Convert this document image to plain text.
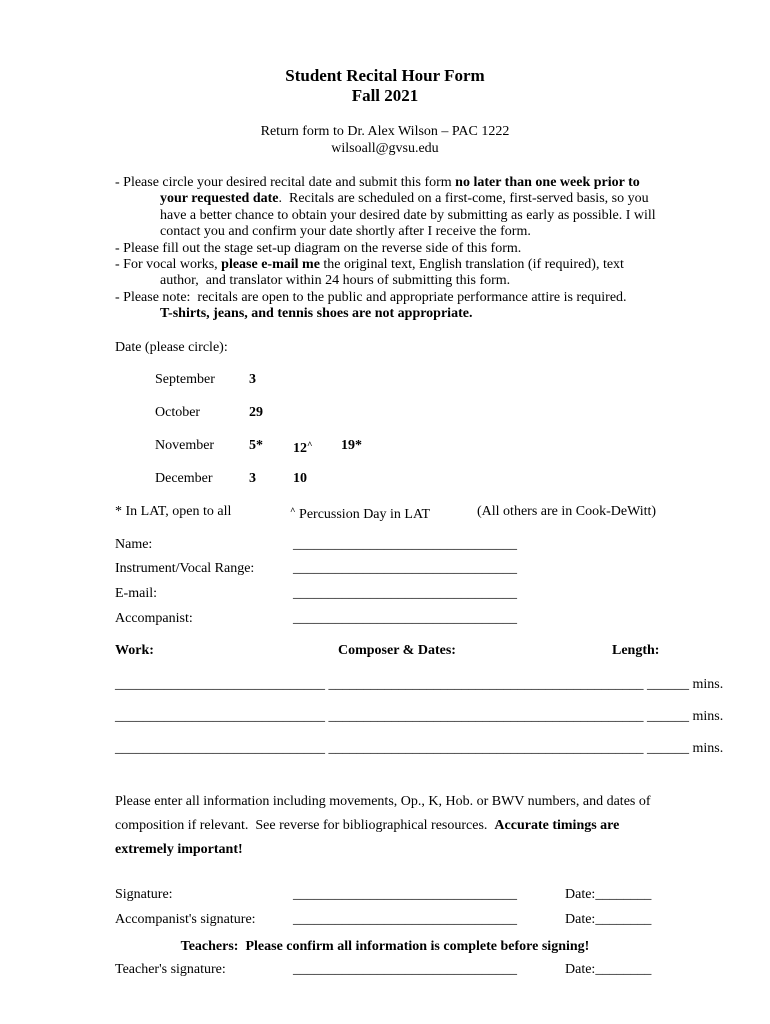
Student Recital Hour Form
Fall 2021
Return form to Dr. Alex Wilson – PAC 1222
wilsoall@gvsu.edu
- Please circle your desired recital date and submit this form no later than one week prior to
your requested date.  Recitals are scheduled on a first-come, first-served basis, so you
have a better chance to obtain your desired date by submitting as early as possible. I will
contact you and confirm your date shortly after I receive the form.
- Please fill out the stage set-up diagram on the reverse side of this form.
- For vocal works, please e-mail me the original text, English translation (if required), text
author,  and translator within 24 hours of submitting this form.
- Please note:  recitals are open to the public and appropriate performance attire is required.
T-shirts, jeans, and tennis shoes are not appropriate.
Date (please circle):
September 3
October	29
November 5* 12^ 19*
December	3	10
* In LAT, open to all	^ Percussion Day in LAT	(All others are in Cook-DeWitt)
Name:	________________________________
Instrument/Vocal Range:	________________________________
E-mail:	________________________________
Accompanist:	________________________________
Work:	Composer & Dates:	Length:
______________________________ _____________________________________________ ______ mins.
______________________________ _____________________________________________ ______ mins.
______________________________ _____________________________________________ ______ mins.
Please enter all information including movements, Op., K, Hob. or BWV numbers, and dates of
composition if relevant.  See reverse for bibliographical resources.  Accurate timings are
extremely important!
Signature:	________________________________	Date:________
Accompanist's signature:	________________________________	Date:________
Teachers:  Please confirm all information is complete before signing!
Teacher's signature:	________________________________	Date:________
